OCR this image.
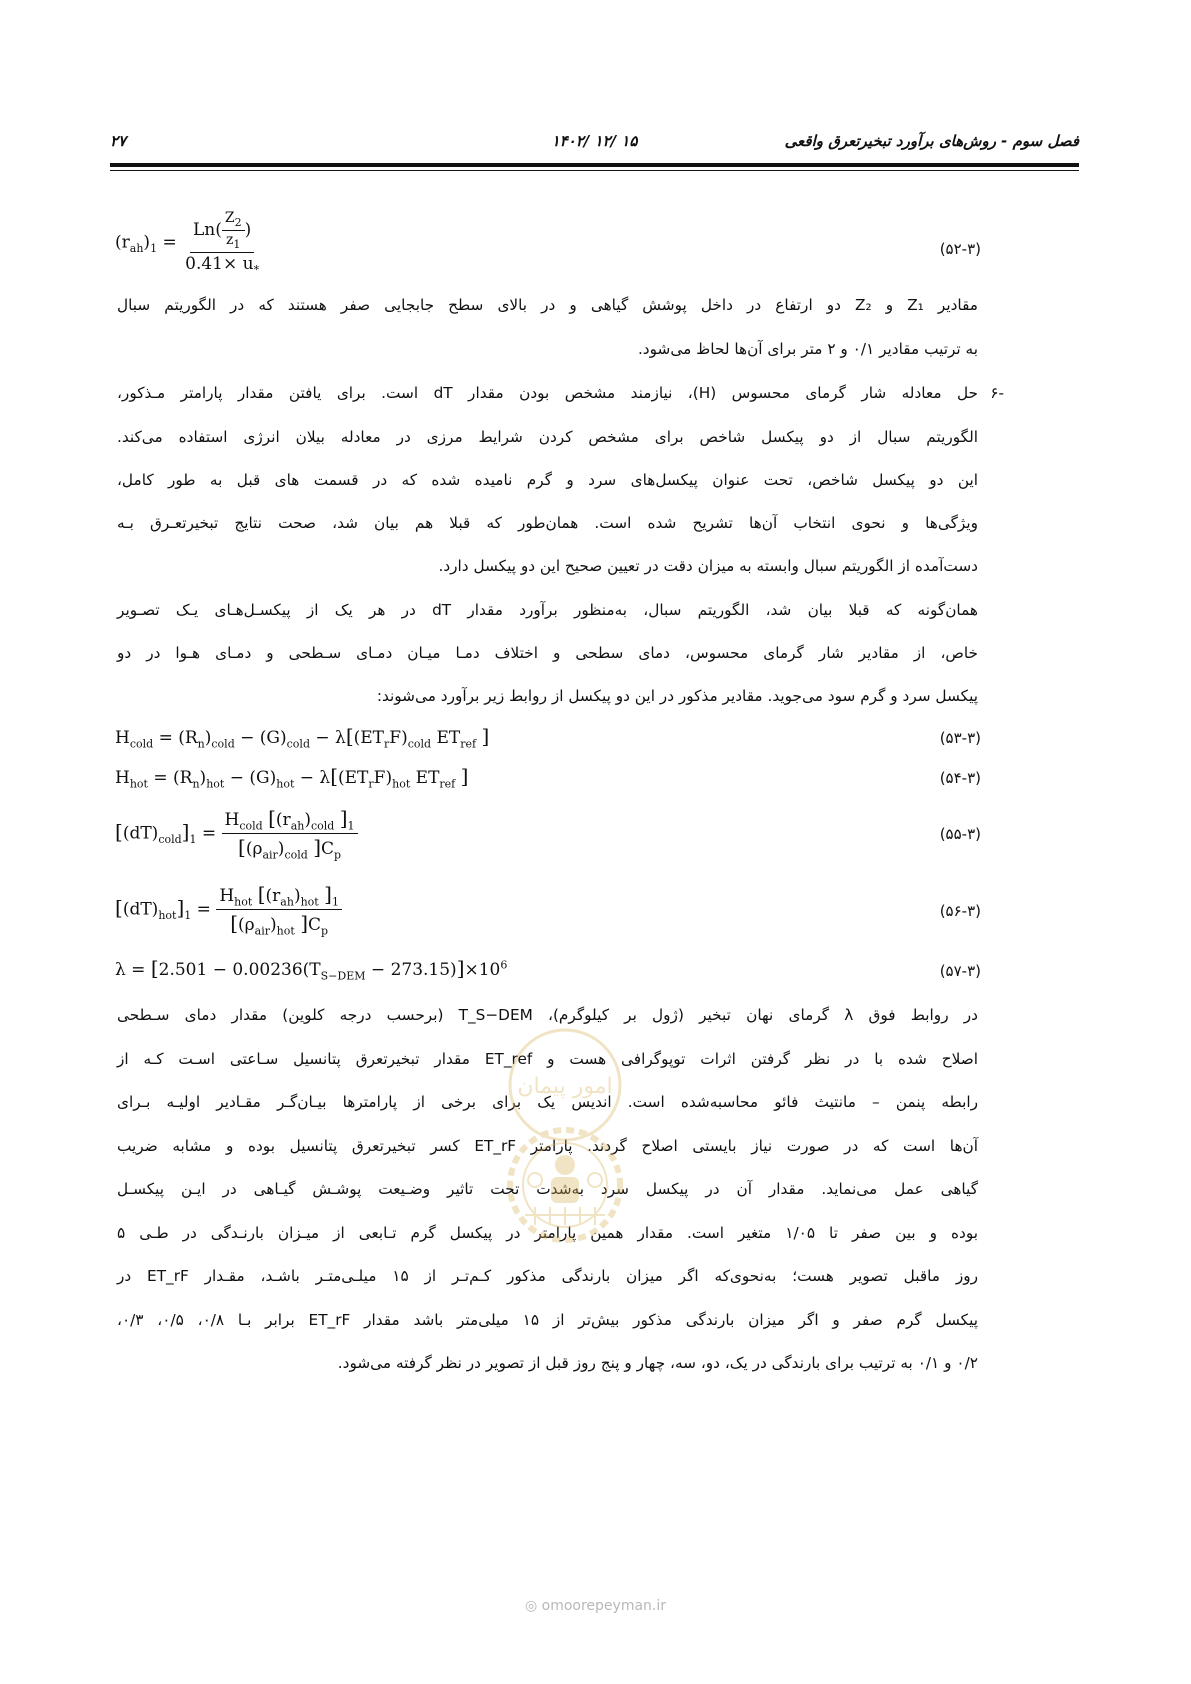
فصل سوم - روش‌های برآورد تبخیرتعرق واقعی
۱۴۰۲/ ۱۲/ ۱۵
۲۷
$(r_{ah})_1 = \frac{Ln( \frac{Z_2}{z_1} )}{0.41\times u_*}$	(۵۲-۳)
مقادیر Z₁ و Z₂ دو ارتفاع در داخل پوشش گیاهی و در بالای سطح جابجایی صفر هستند که در الگوریتم سبال
به ترتیب مقادیر ۰/۱ و ۲ متر برای آن‌ها لحاظ می‌شود.
-۶
حل معادله شار گرمای محسوس (H)، نیازمند مشخص بودن مقدار dT است. برای یافتن مقدار پارامتر مـذکور،
الگوریتم سبال از دو پیکسل شاخص برای مشخص کردن شرایط مرزی در معادله بیلان انرژی استفاده می‌کند.
این دو پیکسل شاخص، تحت عنوان پیکسل‌های سرد و گرم نامیده شده که در قسمت های قبل به طور کامل،
ویژگی‌ها و نحوی انتخاب آن‌ها تشریح شده است. همان‌طور که قبلا هم بیان شد، صحت نتایج تبخیرتعـرق بـه
دست‌آمده از الگوریتم سبال وابسته به میزان دقت در تعیین صحیح این دو پیکسل دارد.
همان‌گونه که قبلا بیان شد، الگوریتم سبال، به‌منظور برآورد مقدار dT در هر یک از پیکسـل‌هـای یـک تصـویر
خاص، از مقادیر شار گرمای محسوس، دمای سطحی و اختلاف دمـا میـان دمـای سـطحی و دمـای هـوا در دو
پیکسل سرد و گرم سود می‌جوید. مقادیر مذکور در این دو پیکسل از روابط زیر برآورد می‌شوند:
$H_{cold} = (R_n)_{cold} - (G)_{cold} - \lambda[(ET_rF)_{cold}$ $ET_{ref}$ ]	(۵۳-۳)
$H_{hot} = (R_n)_{hot} - (G)_{hot} - \lambda[(ET_rF)_{hot}$ $ET_{ref}$ ]	(۵۴-۳)
$[(dT)_{cold}]_1 = \frac{H_{cold} [(r_{ah})_{cold} ]_1}{[(\rho_{air})_{cold} ]C_p}$	(۵۵-۳)
$[(dT)_{hot}]_1 = \frac{H_{hot} [(r_{ah})_{hot} ]_1}{[(\rho_{air})_{hot} ]C_p}$	(۵۶-۳)
$\lambda = [2.501 - 0.00236(T_{S-DEM} - 273.15)]\times 10^6$	(۵۷-۳)
در روابط فوق λ گرمای نهان تبخیر (ژول بر کیلوگرم)، T_S−DEM (برحسب درجه کلوین) مقدار دمای سـطحی
اصلاح شده با در نظر گرفتن اثرات توپوگرافی هست و ET_ref مقدار تبخیرتعرق پتانسیل سـاعتی اسـت کـه از
رابطه پنمن – مانتیث فائو محاسبه‌شده است. اندیس یک برای برخی از پارامترها بیـان‌گـر مقـادیر اولیـه بـرای
آن‌ها است که در صورت نیاز بایستی اصلاح گردند. پارامتر ET_rF کسر تبخیرتعرق پتانسیل بوده و مشابه ضریب
گیاهی عمل می‌نماید. مقدار آن در پیکسل سرد به‌شدت تحت تاثیر وضـیعت پوشـش گیـاهی در ایـن پیکسـل
بوده و بین صفر تا ۱/۰۵ متغیر است. مقدار همین پارامتر در پیکسل گرم تـابعی از میـزان بارنـدگی در طـی ۵
روز ماقبل تصویر هست؛ به‌نحوی‌که اگر میزان بارندگی مذکور کـم‌تـر از ۱۵ میلـی‌متـر باشـد، مقـدار ET_rF در
پیکسل گرم صفر و اگر میزان بارندگی مذکور بیش‌تر از ۱۵ میلی‌متر باشد مقدار ET_rF برابر بـا ۰/۸، ۰/۵، ۰/۳،
۰/۲ و ۰/۱ به ترتیب برای بارندگی در یک، دو، سه، چهار و پنج روز قبل از تصویر در نظر گرفته می‌شود.
امور پیمان
◎ omoorepeyman.ir
